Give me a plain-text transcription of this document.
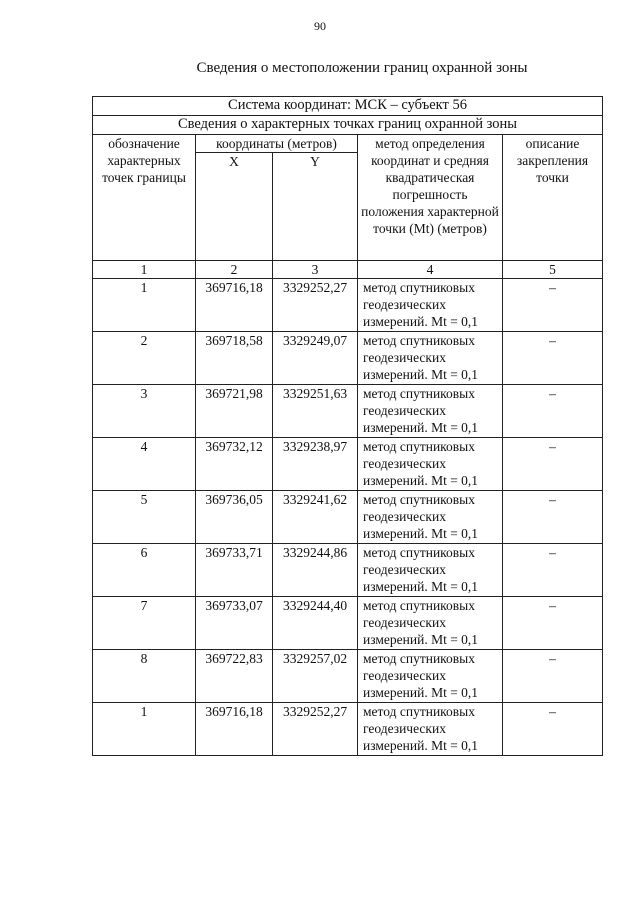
90
Сведения о местоположении границ охранной зоны
Система координат: МСК – субъект 56				
Сведения о характерных точках границ охранной зоны				
обозначение характерных точек границы	координаты (метров)		метод определения координат и средняя квадратическая погрешность положения характерной точки (Mt) (метров)	описание закрепления точки
	X	Y		
1	2	3	4	5
1	369716,18	3329252,27	метод спутниковых геодезических измерений. Mt = 0,1	–
2	369718,58	3329249,07	метод спутниковых геодезических измерений. Mt = 0,1	–
3	369721,98	3329251,63	метод спутниковых геодезических измерений. Mt = 0,1	–
4	369732,12	3329238,97	метод спутниковых геодезических измерений. Mt = 0,1	–
5	369736,05	3329241,62	метод спутниковых геодезических измерений. Mt = 0,1	–
6	369733,71	3329244,86	метод спутниковых геодезических измерений. Mt = 0,1	–
7	369733,07	3329244,40	метод спутниковых геодезических измерений. Mt = 0,1	–
8	369722,83	3329257,02	метод спутниковых геодезических измерений. Mt = 0,1	–
1	369716,18	3329252,27	метод спутниковых геодезических измерений. Mt = 0,1	–
